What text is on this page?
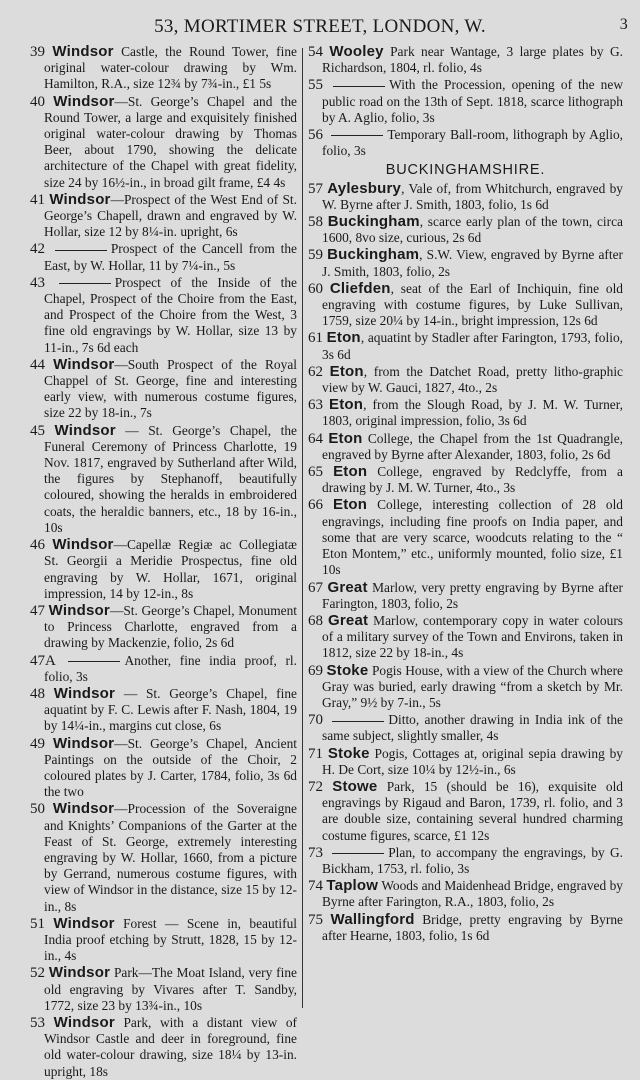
53, MORTIMER STREET, LONDON, W.	3

39 Windsor Castle, the Round Tower, fine original water-colour drawing by Wm. Hamilton, R.A., size 12¾ by 7¾-in., £1 5s

40 Windsor—St. George’s Chapel and the Round Tower, a large and exquisitely finished original water-colour drawing by Thomas Beer, about 1790, showing the delicate architecture of the Chapel with great fidelity, size 24 by 16½-in., in broad gilt frame, £4 4s

41 Windsor—Prospect of the West End of St. George’s Chapell, drawn and engraved by W. Hollar, size 12 by 8¼-in. upright, 6s

42	Prospect of the Cancell from the East, by W. Hollar, 11 by 7¼-in., 5s

43	Prospect of the Inside of the Chapel, Prospect of the Choire from the East, and Prospect of the Choire from the West, 3 fine old engravings by W. Hollar, size 13 by 11-in., 7s 6d each

44 Windsor—South Prospect of the Royal Chappel of St. George, fine and interesting early view, with numerous costume figures, size 22 by 18-in., 7s

45 Windsor — St. George’s Chapel, the Funeral Ceremony of Princess Charlotte, 19 Nov. 1817, engraved by Sutherland after Wild, the figures by Stephanoff, beautifully coloured, showing the heralds in embroidered coats, the heraldic banners, etc., 18 by 16-in., 10s

46 Windsor—Capellæ Regiæ ac Collegiatæ St. Georgii a Meridie Prospectus, fine old engraving by W. Hollar, 1671, original impression, 14 by 12-in., 8s

47 Windsor—St. George’s Chapel, Monument to Princess Charlotte, engraved from a drawing by Mackenzie, folio, 2s 6d

47A	Another, fine india proof, rl. folio, 3s

48 Windsor — St. George’s Chapel, fine aquatint by F. C. Lewis after F. Nash, 1804, 19 by 14¼-in., margins cut close, 6s

49 Windsor—St. George’s Chapel, Ancient Paintings on the outside of the Choir, 2 coloured plates by J. Carter, 1784, folio, 3s 6d the two

50 Windsor—Procession of the Soveraigne and Knights’ Companions of the Garter at the Feast of St. George, extremely interesting engraving by W. Hollar, 1660, from a picture by Gerrand, numerous costume figures, with view of Windsor in the distance, size 15 by 12-in., 8s

51 Windsor Forest — Scene in, beautiful India proof etching by Strutt, 1828, 15 by 12-in., 4s

52 Windsor Park—The Moat Island, very fine old engraving by Vivares after T. Sandby, 1772, size 23 by 13¾-in., 10s

53 Windsor Park, with a distant view of Windsor Castle and deer in foreground, fine old water-colour drawing, size 18¼ by 13-in. upright, 18s

54 Wooley Park near Wantage, 3 large plates by G. Richardson, 1804, rl. folio, 4s

55	With the Procession, opening of the new public road on the 13th of Sept. 1818, scarce lithograph by A. Aglio, folio, 3s

56	Temporary Ball-room, lithograph by Aglio, folio, 3s

BUCKINGHAMSHIRE.

57 Aylesbury, Vale of, from Whitchurch, engraved by W. Byrne after J. Smith, 1803, folio, 1s 6d

58 Buckingham, scarce early plan of the town, circa 1600, 8vo size, curious, 2s 6d

59 Buckingham, S.W. View, engraved by Byrne after J. Smith, 1803, folio, 2s

60 Cliefden, seat of the Earl of Inchiquin, fine old engraving with costume figures, by Luke Sullivan, 1759, size 20¼ by 14-in., bright impression, 12s 6d

61 Eton, aquatint by Stadler after Farington, 1793, folio, 3s 6d

62 Eton, from the Datchet Road, pretty litho-graphic view by W. Gauci, 1827, 4to., 2s

63 Eton, from the Slough Road, by J. M. W. Turner, 1803, original impression, folio, 3s 6d

64 Eton College, the Chapel from the 1st Quadrangle, engraved by Byrne after Alexander, 1803, folio, 2s 6d

65 Eton College, engraved by Redclyffe, from a drawing by J. M. W. Turner, 4to., 3s

66 Eton College, interesting collection of 28 old engravings, including fine proofs on India paper, and some that are very scarce, woodcuts relating to the “ Eton Montem,” etc., uniformly mounted, folio size, £1 10s

67 Great Marlow, very pretty engraving by Byrne after Farington, 1803, folio, 2s

68 Great Marlow, contemporary copy in water colours of a military survey of the Town and Environs, taken in 1812, size 22 by 18-in., 4s

69 Stoke Pogis House, with a view of the Church where Gray was buried, early drawing “from a sketch by Mr. Gray,” 9½ by 7-in., 5s

70	Ditto, another drawing in India ink of the same subject, slightly smaller, 4s

71 Stoke Pogis, Cottages at, original sepia drawing by H. De Cort, size 10¼ by 12½-in., 6s

72 Stowe Park, 15 (should be 16), exquisite old engravings by Rigaud and Baron, 1739, rl. folio, and 3 are double size, containing several hundred charming costume figures, scarce, £1 12s

73	Plan, to accompany the engravings, by G. Bickham, 1753, rl. folio, 3s

74 Taplow Woods and Maidenhead Bridge, engraved by Byrne after Farington, R.A., 1803, folio, 2s

75 Wallingford Bridge, pretty engraving by Byrne after Hearne, 1803, folio, 1s 6d
